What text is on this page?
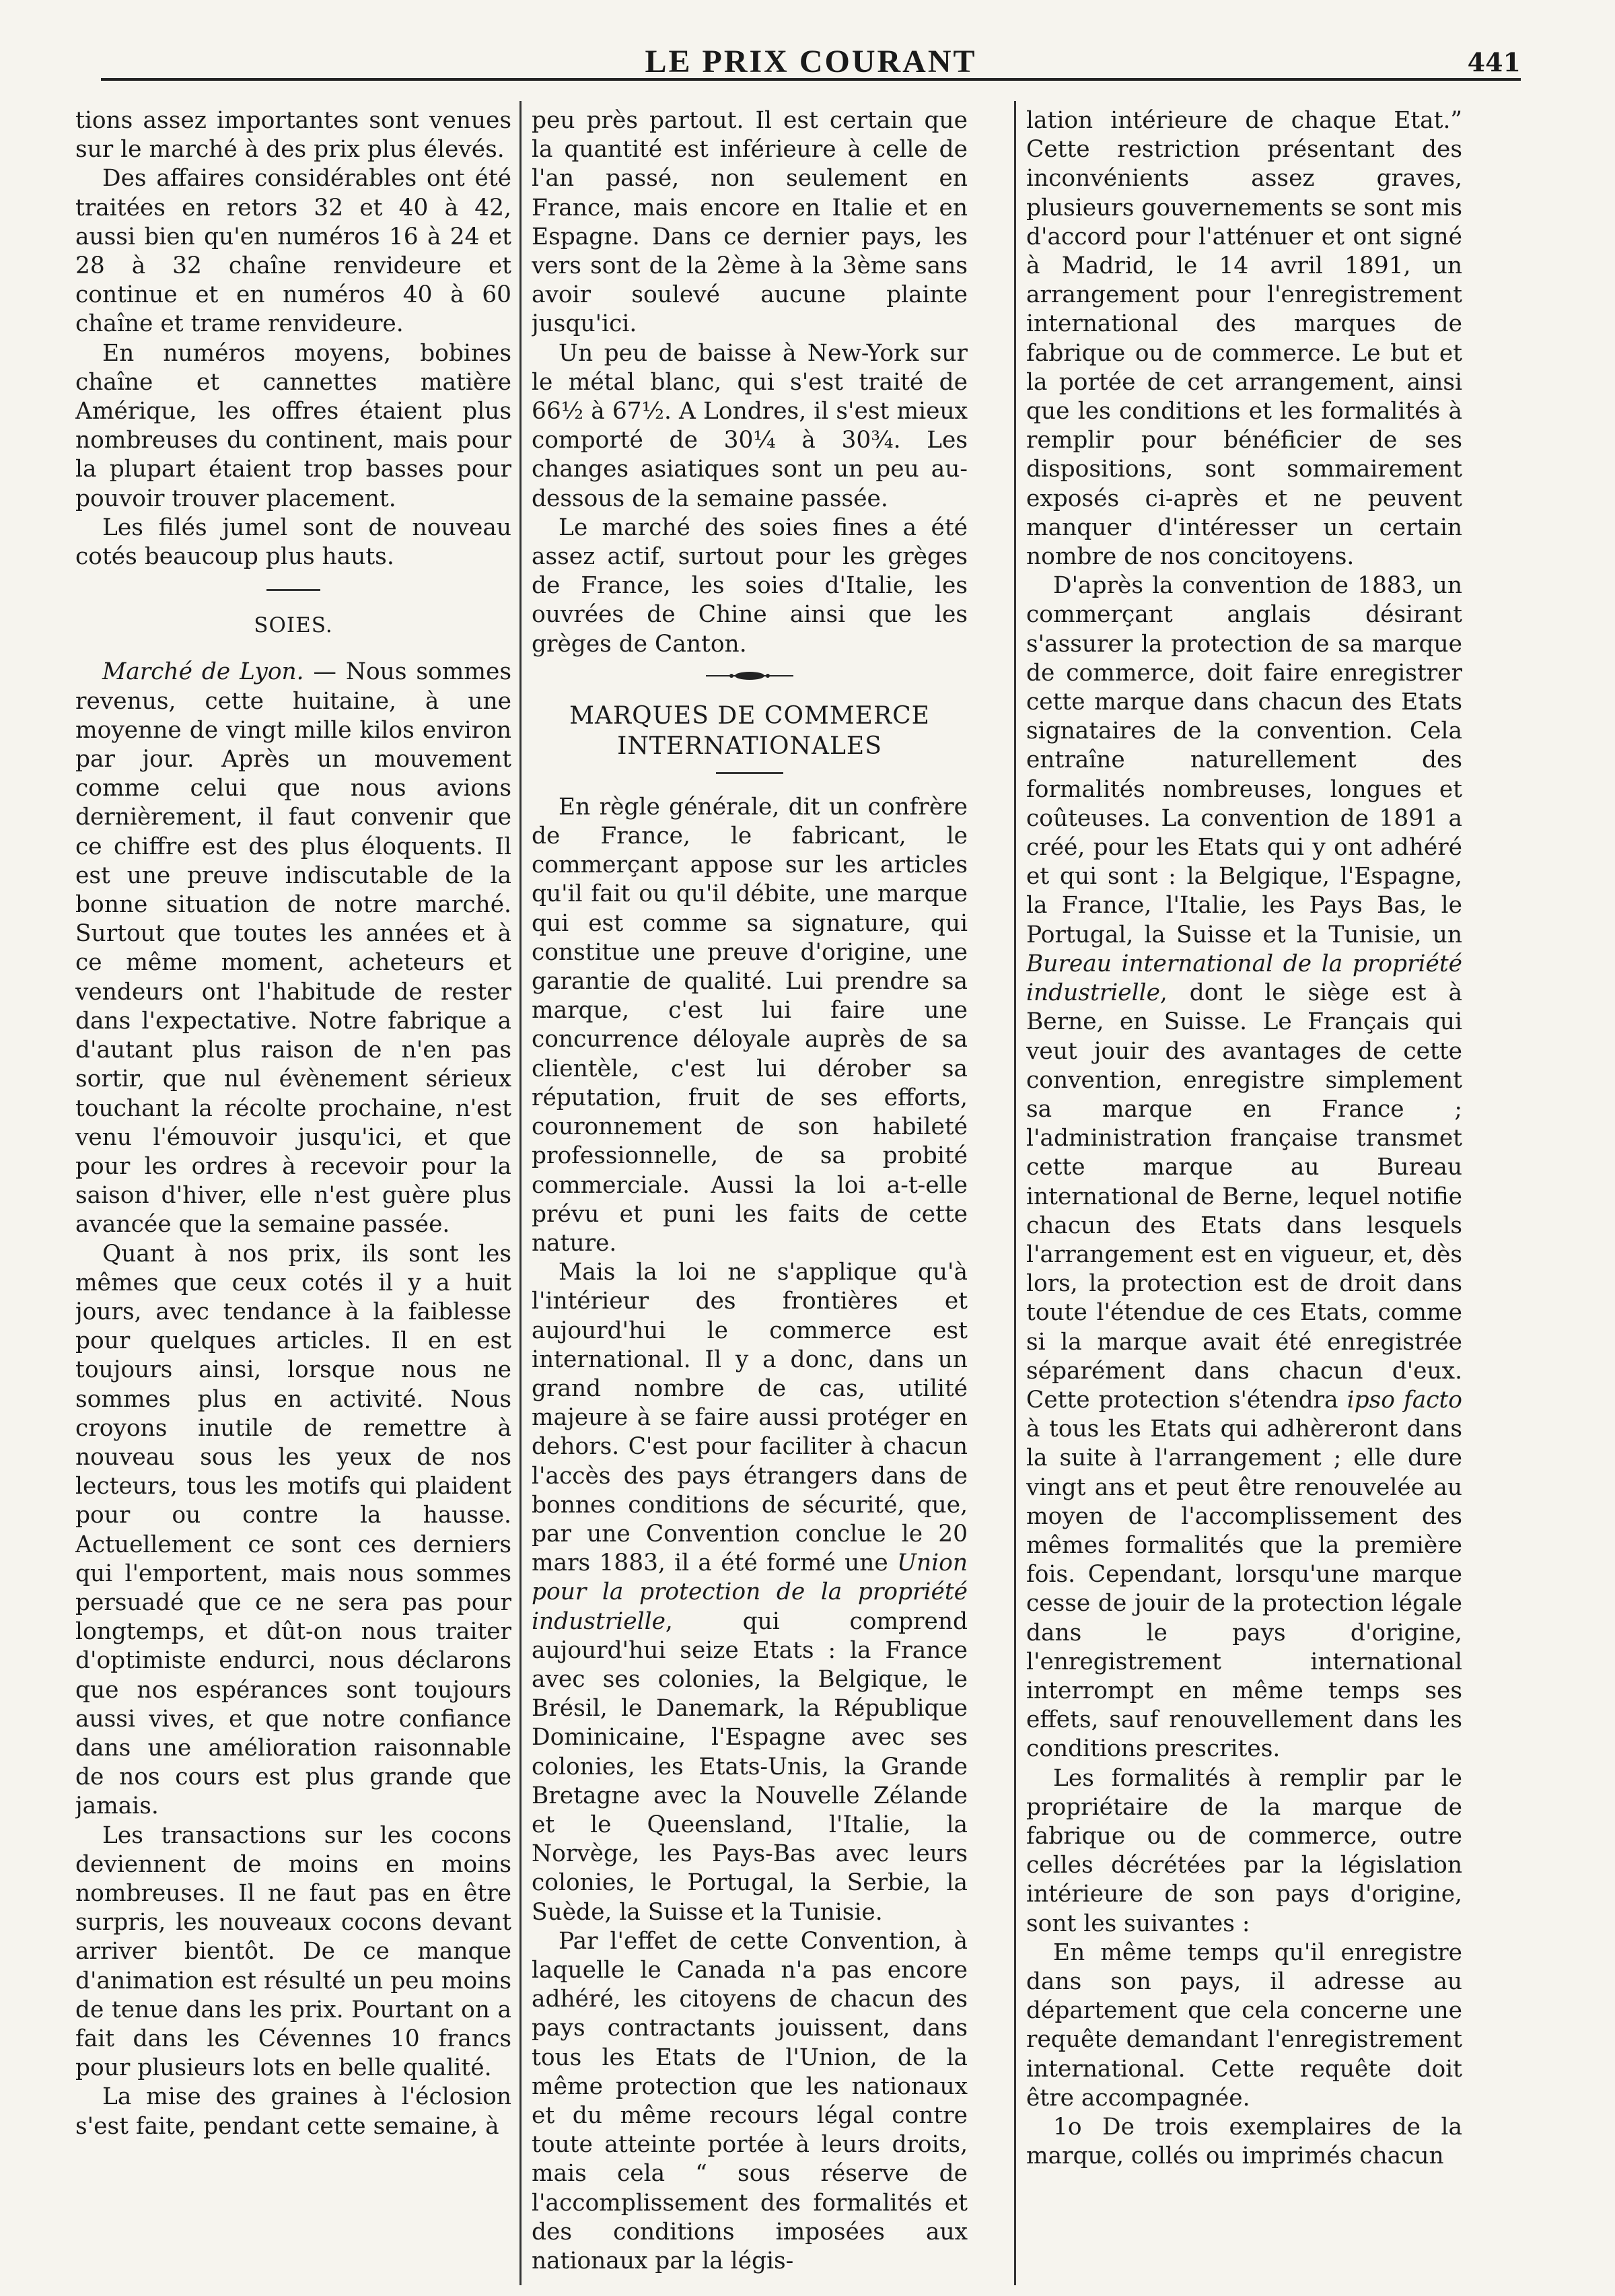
LE PRIX COURANT	441

tions assez importantes sont venues sur le marché à des prix plus élevés.

Des affaires considérables ont été traitées en retors 32 et 40 à 42, aussi bien qu'en numéros 16 à 24 et 28 à 32 chaîne renvideure et continue et en numéros 40 à 60 chaîne et trame renvideure.

En numéros moyens, bobines chaîne et cannettes matière Amérique, les offres étaient plus nombreuses du continent, mais pour la plupart étaient trop basses pour pouvoir trouver placement.

Les filés jumel sont de nouveau cotés beaucoup plus hauts.

SOIES.

Marché de Lyon. — Nous sommes revenus, cette huitaine, à une moyenne de vingt mille kilos environ par jour. Après un mouvement comme celui que nous avions dernièrement, il faut convenir que ce chiffre est des plus éloquents. Il est une preuve indiscutable de la bonne situation de notre marché. Surtout que toutes les années et à ce même moment, acheteurs et vendeurs ont l'habitude de rester dans l'expectative. Notre fabrique a d'autant plus raison de n'en pas sortir, que nul évènement sérieux touchant la récolte prochaine, n'est venu l'émouvoir jusqu'ici, et que pour les ordres à recevoir pour la saison d'hiver, elle n'est guère plus avancée que la semaine passée.

Quant à nos prix, ils sont les mêmes que ceux cotés il y a huit jours, avec tendance à la faiblesse pour quelques articles. Il en est toujours ainsi, lorsque nous ne sommes plus en activité. Nous croyons inutile de remettre à nouveau sous les yeux de nos lecteurs, tous les motifs qui plaident pour ou contre la hausse. Actuellement ce sont ces derniers qui l'emportent, mais nous sommes persuadé que ce ne sera pas pour longtemps, et dût-on nous traiter d'optimiste endurci, nous déclarons que nos espérances sont toujours aussi vives, et que notre confiance dans une amélioration raisonnable de nos cours est plus grande que jamais.

Les transactions sur les cocons deviennent de moins en moins nombreuses. Il ne faut pas en être surpris, les nouveaux cocons devant arriver bientôt. De ce manque d'animation est résulté un peu moins de tenue dans les prix. Pourtant on a fait dans les Cévennes 10 francs pour plusieurs lots en belle qualité.

La mise des graines à l'éclosion s'est faite, pendant cette semaine, à

peu près partout. Il est certain que la quantité est inférieure à celle de l'an passé, non seulement en France, mais encore en Italie et en Espagne. Dans ce dernier pays, les vers sont de la 2ème à la 3ème sans avoir soulevé aucune plainte jusqu'ici.

Un peu de baisse à New-York sur le métal blanc, qui s'est traité de 66½ à 67½. A Londres, il s'est mieux comporté de 30¼ à 30¾. Les changes asiatiques sont un peu au-dessous de la semaine passée.

Le marché des soies fines a été assez actif, surtout pour les grèges de France, les soies d'Italie, les ouvrées de Chine ainsi que les grèges de Canton.

MARQUES DE COMMERCE INTERNATIONALES

En règle générale, dit un confrère de France, le fabricant, le commerçant appose sur les articles qu'il fait ou qu'il débite, une marque qui est comme sa signature, qui constitue une preuve d'origine, une garantie de qualité. Lui prendre sa marque, c'est lui faire une concurrence déloyale auprès de sa clientèle, c'est lui dérober sa réputation, fruit de ses efforts, couronnement de son habileté professionnelle, de sa probité commerciale. Aussi la loi a-t-elle prévu et puni les faits de cette nature.

Mais la loi ne s'applique qu'à l'intérieur des frontières et aujourd'hui le commerce est international. Il y a donc, dans un grand nombre de cas, utilité majeure à se faire aussi protéger en dehors. C'est pour faciliter à chacun l'accès des pays étrangers dans de bonnes conditions de sécurité, que, par une Convention conclue le 20 mars 1883, il a été formé une Union pour la protection de la propriété industrielle, qui comprend aujourd'hui seize Etats : la France avec ses colonies, la Belgique, le Brésil, le Danemark, la République Dominicaine, l'Espagne avec ses colonies, les Etats-Unis, la Grande Bretagne avec la Nouvelle Zélande et le Queensland, l'Italie, la Norvège, les Pays-Bas avec leurs colonies, le Portugal, la Serbie, la Suède, la Suisse et la Tunisie.

Par l'effet de cette Convention, à laquelle le Canada n'a pas encore adhéré, les citoyens de chacun des pays contractants jouissent, dans tous les Etats de l'Union, de la même protection que les nationaux et du même recours légal contre toute atteinte portée à leurs droits, mais cela “ sous réserve de l'accomplissement des formalités et des conditions imposées aux nationaux par la légis-

lation intérieure de chaque Etat.” Cette restriction présentant des inconvénients assez graves, plusieurs gouvernements se sont mis d'accord pour l'atténuer et ont signé à Madrid, le 14 avril 1891, un arrangement pour l'enregistrement international des marques de fabrique ou de commerce. Le but et la portée de cet arrangement, ainsi que les conditions et les formalités à remplir pour bénéficier de ses dispositions, sont sommairement exposés ci-après et ne peuvent manquer d'intéresser un certain nombre de nos concitoyens.

D'après la convention de 1883, un commerçant anglais désirant s'assurer la protection de sa marque de commerce, doit faire enregistrer cette marque dans chacun des Etats signataires de la convention. Cela entraîne naturellement des formalités nombreuses, longues et coûteuses. La convention de 1891 a créé, pour les Etats qui y ont adhéré et qui sont : la Belgique, l'Espagne, la France, l'Italie, les Pays Bas, le Portugal, la Suisse et la Tunisie, un Bureau international de la propriété industrielle, dont le siège est à Berne, en Suisse. Le Français qui veut jouir des avantages de cette convention, enregistre simplement sa marque en France ; l'administration française transmet cette marque au Bureau international de Berne, lequel notifie chacun des Etats dans lesquels l'arrangement est en vigueur, et, dès lors, la protection est de droit dans toute l'étendue de ces Etats, comme si la marque avait été enregistrée séparément dans chacun d'eux. Cette protection s'étendra ipso facto à tous les Etats qui adhèreront dans la suite à l'arrangement ; elle dure vingt ans et peut être renouvelée au moyen de l'accomplissement des mêmes formalités que la première fois. Cependant, lorsqu'une marque cesse de jouir de la protection légale dans le pays d'origine, l'enregistrement international interrompt en même temps ses effets, sauf renouvellement dans les conditions prescrites.

Les formalités à remplir par le propriétaire de la marque de fabrique ou de commerce, outre celles décrétées par la législation intérieure de son pays d'origine, sont les suivantes :

En même temps qu'il enregistre dans son pays, il adresse au département que cela concerne une requête demandant l'enregistrement international. Cette requête doit être accompagnée.

1o De trois exemplaires de la marque, collés ou imprimés chacun
